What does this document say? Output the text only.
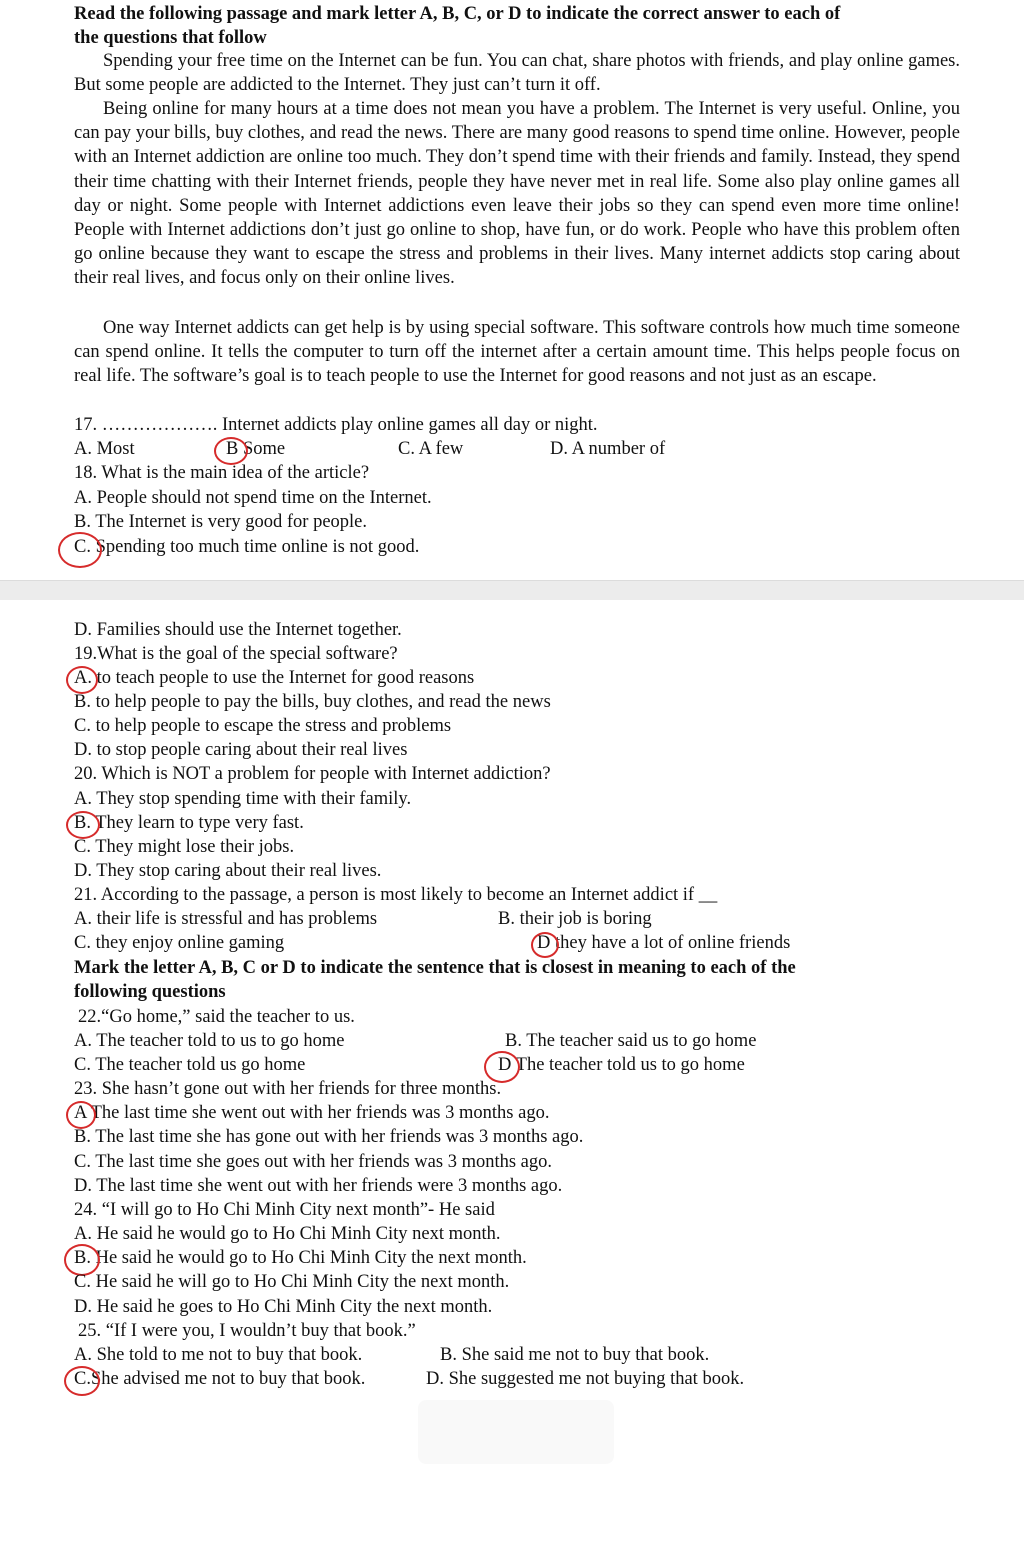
Read the following passage and mark letter A, B, C, or D to indicate the correct answer to each of
the questions that follow

Spending your free time on the Internet can be fun. You can chat, share photos with friends, and play online games. But some people are addicted to the Internet. They just can’t turn it off.

Being online for many hours at a time does not mean you have a problem. The Internet is very useful. Online, you can pay your bills, buy clothes, and read the news. There are many good reasons to spend time online. However, people with an Internet addiction are online too much. They don’t spend time with their friends and family. Instead, they spend their time chatting with their Internet friends, people they have never met in real life. Some also play online games all day or night. Some people with Internet addictions even leave their jobs so they can spend even more time online! People with Internet addictions don’t just go online to shop, have fun, or do work. People who have this problem often go online because they want to escape the stress and problems in their lives. Many internet addicts stop caring about their real lives, and focus only on their online lives.

One way Internet addicts can get help is by using special software. This software controls how much time someone can spend online. It tells the computer to turn off the internet after a certain amount time. This helps people focus on real life. The software’s goal is to teach people to use the Internet for good reasons and not just as an escape.

17. ………………. Internet addicts play online games all day or night.
A. Most	B Some	C. A few	D. A number of
18. What is the main idea of the article?
A. People should not spend time on the Internet.
B. The Internet is very good for people.
C. Spending too much time online is not good.
D. Families should use the Internet together.
19.What is the goal of the special software?
A. to teach people to use the Internet for good reasons
B. to help people to pay the bills, buy clothes, and read the news
C. to help people to escape the stress and problems
D. to stop people caring about their real lives
20. Which is NOT a problem for people with Internet addiction?
A. They stop spending time with their family.
B. They learn to type very fast.
C. They might lose their jobs.
D. They stop caring about their real lives.
21. According to the passage, a person is most likely to become an Internet addict if __
A. their life is stressful and has problems	B. their job is boring
C. they enjoy online gaming	D they have a lot of online friends
Mark the letter A, B, C or D to indicate the sentence that is closest in meaning to each of the
following questions
22.“Go home,” said the teacher to us.
A. The teacher told to us to go home	B. The teacher said us to go home
C. The teacher told us go home	D The teacher told us to go home
23. She hasn’t gone out with her friends for three months.
A The last time she went out with her friends was 3 months ago.
B. The last time she has gone out with her friends was 3 months ago.
C. The last time she goes out with her friends was 3 months ago.
D. The last time she went out with her friends were 3 months ago.
24. “I will go to Ho Chi Minh City next month”- He said
A. He said he would go to Ho Chi Minh City next month.
B. He said he would go to Ho Chi Minh City the next month.
C. He said he will go to Ho Chi Minh City the next month.
D. He said he goes to Ho Chi Minh City the next month.
25. “If I were you, I wouldn’t buy that book.”
A. She told to me not to buy that book.	B. She said me not to buy that book.
C.She advised me not to buy that book.	D. She suggested me not buying that book.
